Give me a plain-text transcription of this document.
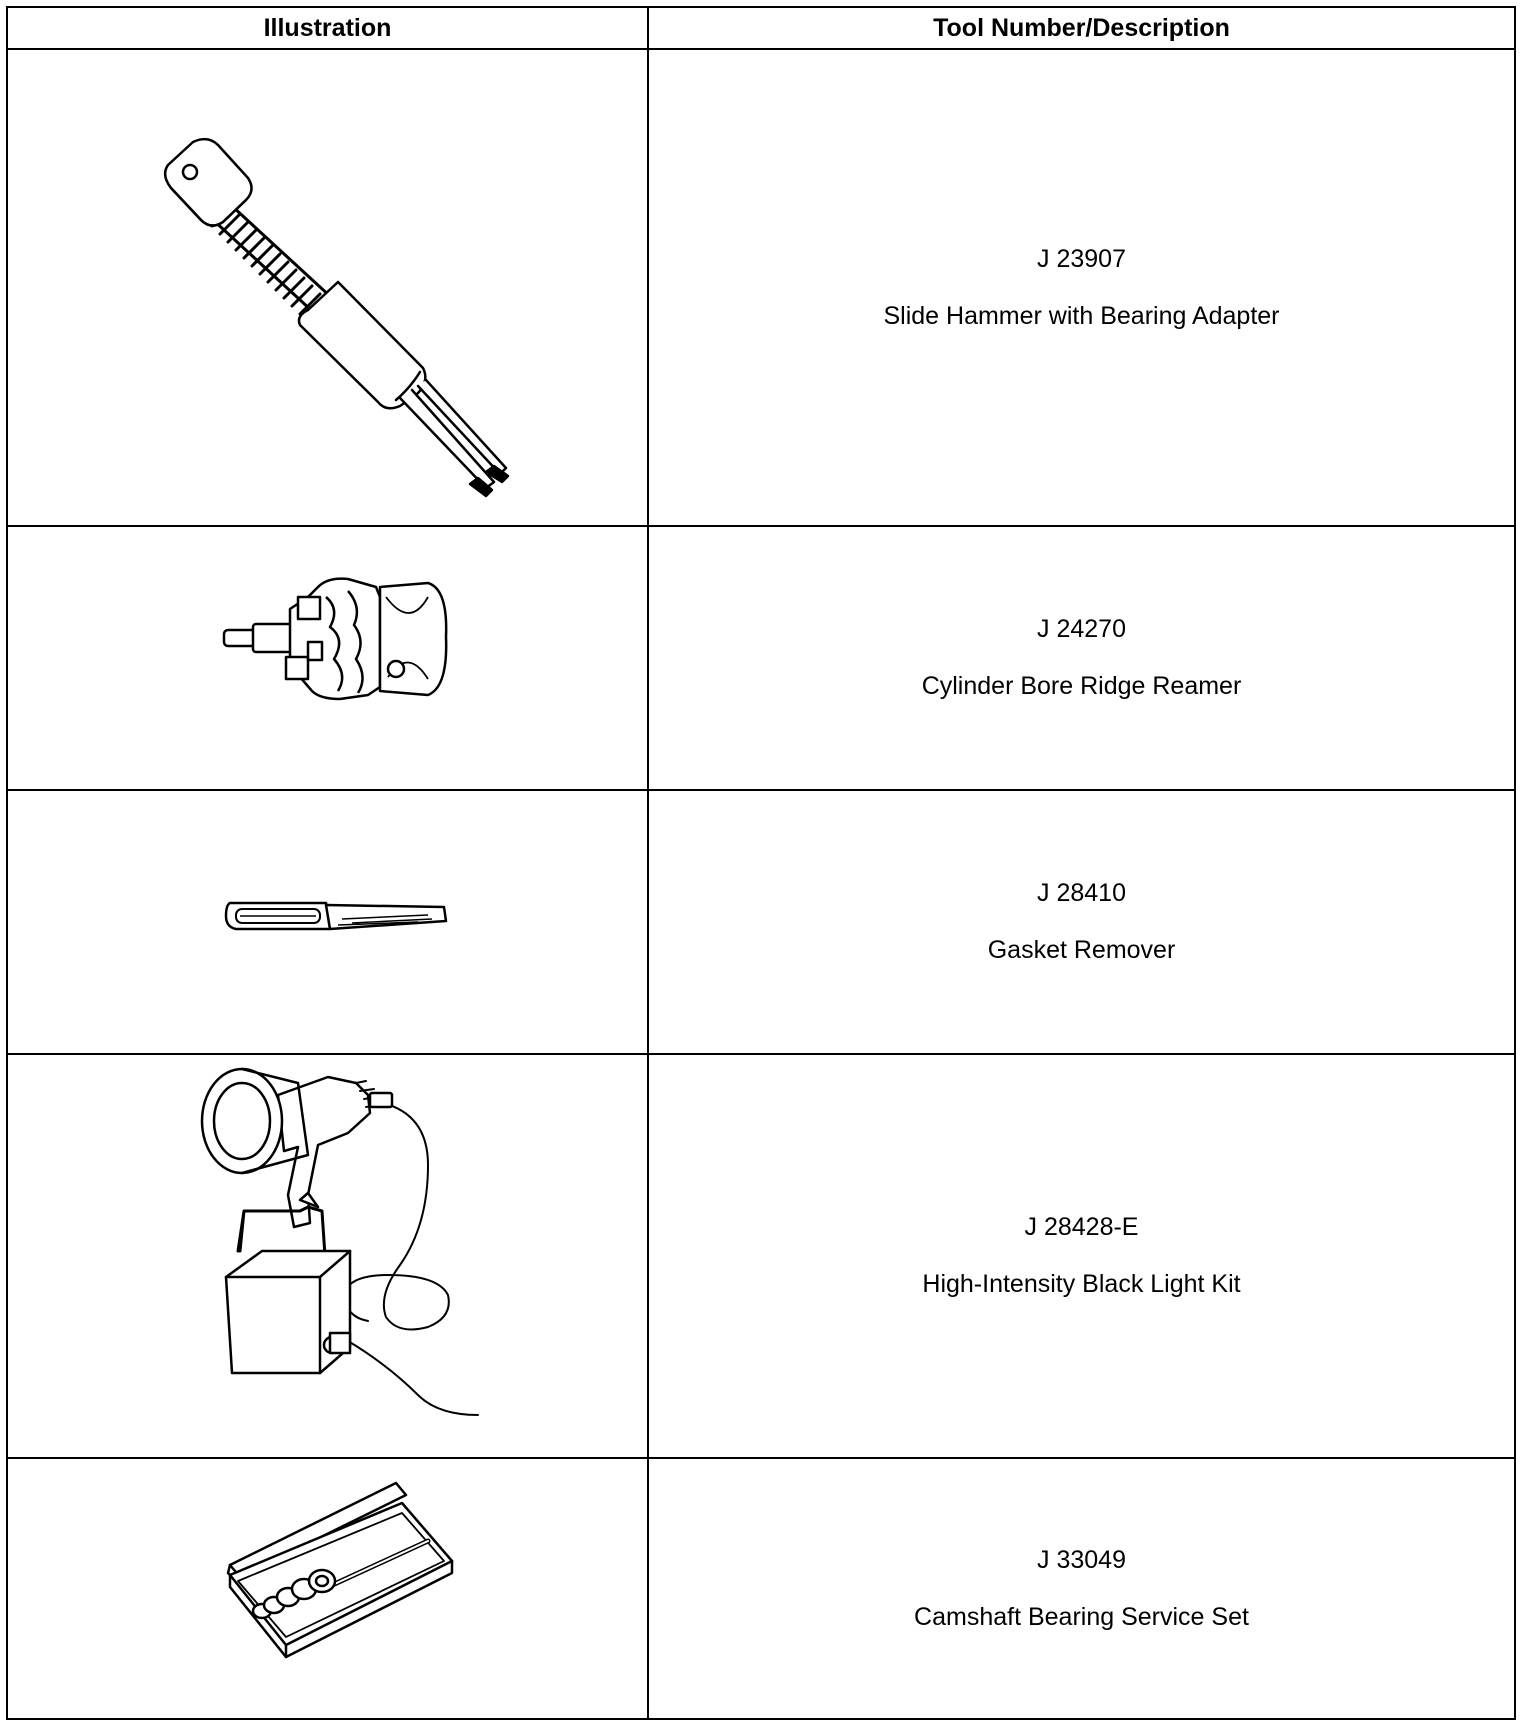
Illustration	Tool Number/Description

J 23907
Slide Hammer with Bearing Adapter

J 24270
Cylinder Bore Ridge Reamer

J 28410
Gasket Remover

J 28428-E
High-Intensity Black Light Kit

J 33049
Camshaft Bearing Service Set
